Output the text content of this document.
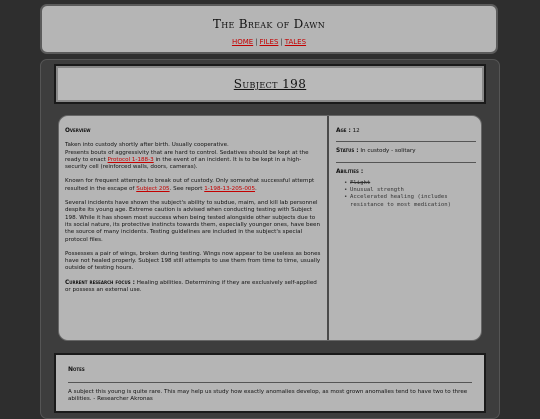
The Break of Dawn
HOME | FILES | TALES
Subject 198
Overview
Taken into custody shortly after birth. Usually cooperative.
Presents bouts of aggressivity that are hard to control. Sedatives should be kept at the ready to enact Protocol 1-188-3 in the event of an incident. It is to be kept in a high-security cell (reinforced walls, doors, cameras).
Known for frequent attempts to break out of custody. Only somewhat successful attempt resulted in the escape of Subject 205. See report 1-198-13-205-005.
Several incidents have shown the subject's ability to subdue, maim, and kill lab personnel despite its young age. Extreme caution is advised when conducting testing with Subject 198. While it has shown most success when being tested alongside other subjects due to its social nature, its protective instincts towards them, especially younger ones, have been the source of many incidents. Testing guidelines are included in the subject's special protocol files.
Possesses a pair of wings, broken during testing. Wings now appear to be useless as bones have not healed properly. Subject 198 still attempts to use them from time to time, usually outside of testing hours.
Current research focus : Healing abilities. Determining if they are exclusively self-applied or possess an external use.
Age : 12
Status : In custody - solitary
Abilities :
• Flight
• Unusual strength
• Accelerated healing (includes resistance to most medication)
Notes
A subject this young is quite rare. This may help us study how exactly anomalies develop, as most grown anomalies tend to have two to three abilities. - Researcher Akronas
